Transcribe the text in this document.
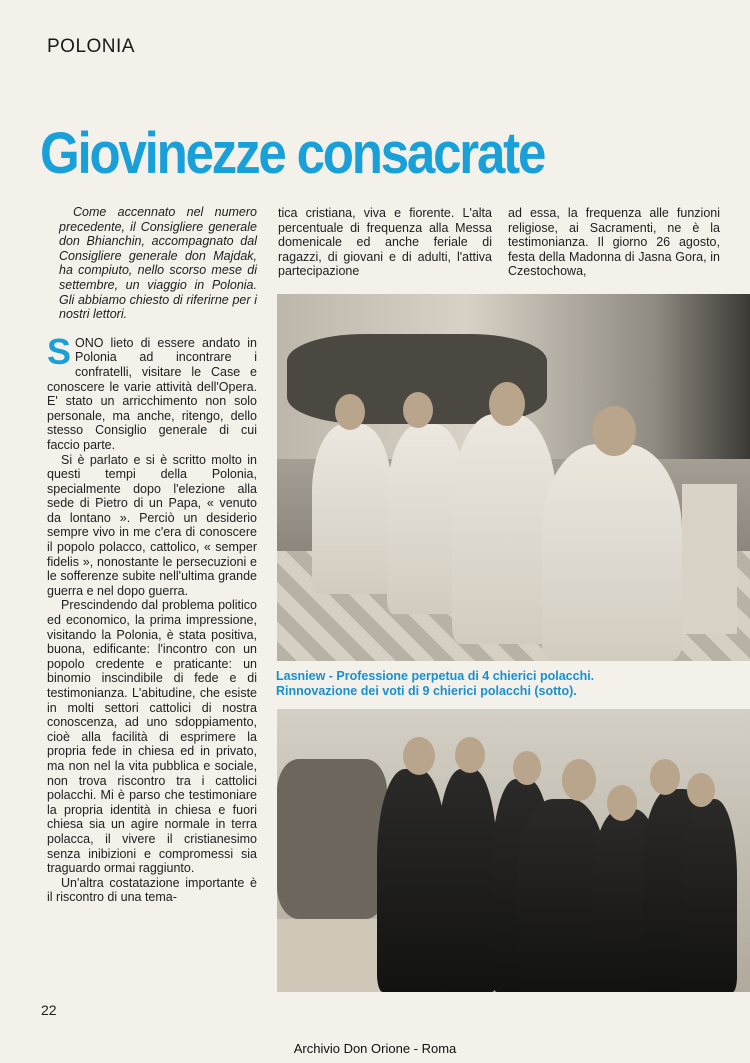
POLONIA
Giovinezze consacrate

Come accennato nel numero precedente, il Consigliere generale don Bhianchin, accompagnato dal Consigliere generale don Majdak, ha compiuto, nello scorso mese di settembre, un viaggio in Polonia. Gli abbiamo chiesto di riferirne per i nostri lettori.

SONO lieto di essere andato in Polonia ad incontrare i confratelli, visitare le Case e conoscere le varie attività dell'Opera. E' stato un arricchimento non solo personale, ma anche, ritengo, dello stesso Consiglio generale di cui faccio parte.

Si è parlato e si è scritto molto in questi tempi della Polonia, specialmente dopo l'elezione alla sede di Pietro di un Papa, « venuto da lontano ». Perciò un desiderio sempre vivo in me c'era di conoscere il popolo polacco, cattolico, « semper fidelis », nonostante le persecuzioni e le sofferenze subite nell'ultima grande guerra e nel dopo guerra.

Prescindendo dal problema politico ed economico, la prima impressione, visitando la Polonia, è stata positiva, buona, edificante: l'incontro con un popolo credente e praticante: un binomio inscindibile di fede e di testimonianza. L'abitudine, che esiste in molti settori cattolici di nostra conoscenza, ad uno sdoppiamento, cioè alla facilità di esprimere la propria fede in chiesa ed in privato, ma non nel la vita pubblica e sociale, non trova riscontro tra i cattolici polacchi. Mi è parso che testimoniare la propria identità in chiesa e fuori chiesa sia un agire normale in terra polacca, il vivere il cristianesimo senza inibizioni e compromessi sia traguardo ormai raggiunto.

Un'altra costatazione importante è il riscontro di una tema-

tica cristiana, viva e fiorente. L'alta percentuale di frequenza alla Messa domenicale ed anche feriale di ragazzi, di giovani e di adulti, l'attiva partecipazione

ad essa, la frequenza alle funzioni religiose, ai Sacramenti, ne è la testimonianza. Il giorno 26 agosto, festa della Madonna di Jasna Gora, in Czestochowa,

Lasniew - Professione perpetua di 4 chierici polacchi.
Rinnovazione dei voti di 9 chierici polacchi (sotto).
22
Archivio Don Orione - Roma
